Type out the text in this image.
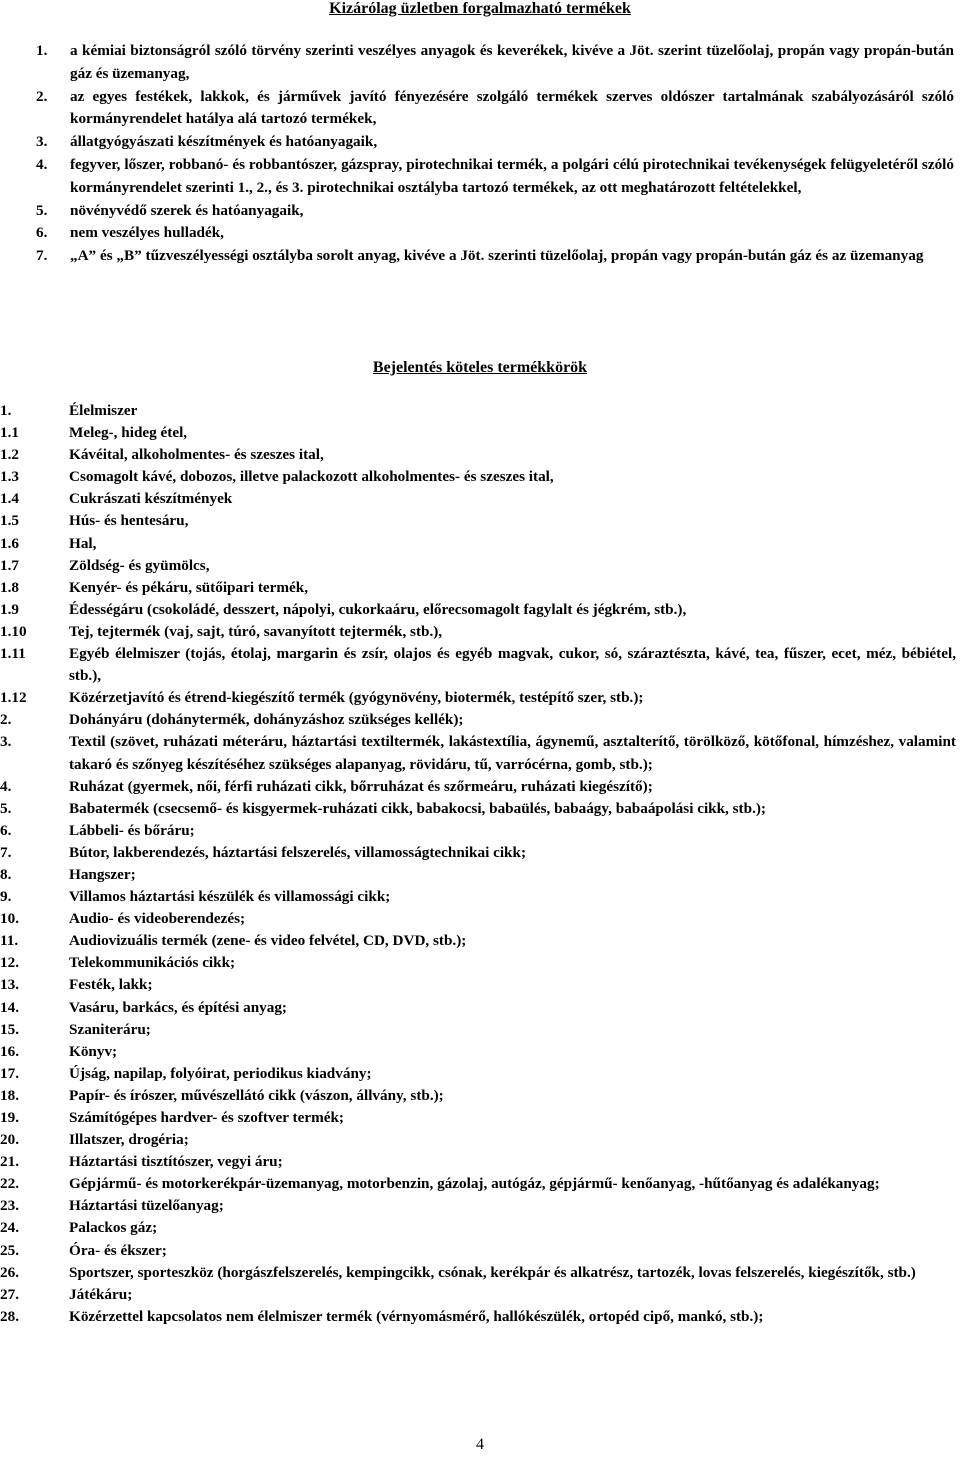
Kizárólag üzletben forgalmazható termékek
1. a kémiai biztonságról szóló törvény szerinti veszélyes anyagok és keverékek, kivéve a Jöt. szerint tüzelőolaj, propán vagy propán-bután gáz és üzemanyag,
2. az egyes festékek, lakkok, és járművek javító fényezésére szolgáló termékek szerves oldószer tartalmának szabályozásáról szóló kormányrendelet hatálya alá tartozó termékek,
3. állatgyógyászati készítmények és hatóanyagaik,
4. fegyver, lőszer, robbanó- és robbantószer, gázspray, pirotechnikai termék, a polgári célú pirotechnikai tevékenységek felügyeletéről szóló kormányrendelet szerinti 1., 2., és 3. pirotechnikai osztályba tartozó termékek, az ott meghatározott feltételekkel,
5. növényvédő szerek és hatóanyagaik,
6. nem veszélyes hulladék,
7. „A” és „B” tűzveszélyességi osztályba sorolt anyag, kivéve a Jöt. szerinti tüzelőolaj, propán vagy propán-bután gáz és az üzemanyag
Bejelentés köteles termékkörök
1.	Élelmiszer
1.1	Meleg-, hideg étel,
1.2	Kávéital, alkoholmentes- és szeszes ital,
1.3	Csomagolt kávé, dobozos, illetve palackozott alkoholmentes- és szeszes ital,
1.4	Cukrászati készítmények
1.5	Hús- és hentesáru,
1.6	Hal,
1.7	Zöldség- és gyümölcs,
1.8	Kenyér- és pékáru, sütőipari termék,
1.9	Édességáru (csokoládé, desszert, nápolyi, cukorkaáru, előrecsomagolt fagylalt és jégkrém, stb.),
1.10	Tej, tejtermék (vaj, sajt, túró, savanyított tejtermék, stb.),
1.11	Egyéb élelmiszer (tojás, étolaj, margarin és zsír, olajos és egyéb magvak, cukor, só, száraztészta, kávé, tea, fűszer, ecet, méz, bébiétel, stb.),
1.12	Közérzetjavító és étrend-kiegészítő termék (gyógynövény, biotermék, testépítő szer, stb.);
2.	Dohányáru (dohánytermék, dohányzáshoz szükséges kellék);
3.	Textil (szövet, ruházati méteráru, háztartási textiltermék, lakástextília, ágynemű, asztalterítő, törölköző, kötőfonal, hímzéshez, valamint takaró és szőnyeg készítéséhez szükséges alapanyag, rövidáru, tű, varrócérna, gomb, stb.);
4.	Ruházat (gyermek, női, férfi ruházati cikk, bőrruházat és szőrmeáru, ruházati kiegészítő);
5.	Babatermék (csecsemő- és kisgyermek-ruházati cikk, babakocsi, babaülés, babaágy, babaápolási cikk, stb.);
6.	Lábbeli- és bőráru;
7.	Bútor, lakberendezés, háztartási felszerelés, villamosságtechnikai cikk;
8.	Hangszer;
9.	Villamos háztartási készülék és villamossági cikk;
10.	Audio- és videoberendezés;
11.	Audiovizuális termék (zene- és video felvétel, CD, DVD, stb.);
12.	Telekommunikációs cikk;
13.	Festék, lakk;
14.	Vasáru, barkács, és építési anyag;
15.	Szaniteráru;
16.	Könyv;
17.	Újság, napilap, folyóirat, periodikus kiadvány;
18.	Papír- és írószer, művészellátó cikk (vászon, állvány, stb.);
19.	Számítógépes hardver- és szoftver termék;
20.	Illatszer, drogéria;
21.	Háztartási tisztítószer, vegyi áru;
22.	Gépjármű- és motorkerékpár-üzemanyag, motorbenzin, gázolaj, autógáz, gépjármű- kenőanyag, -hűtőanyag és adalékanyag;
23.	Háztartási tüzelőanyag;
24.	Palackos gáz;
25.	Óra- és ékszer;
26.	Sportszer, sporteszköz (horgászfelszerelés, kempingcikk, csónak, kerékpár és alkatrész, tartozék, lovas felszerelés, kiegészítők, stb.)
27.	Játékáru;
28.	Közérzettel kapcsolatos nem élelmiszer termék (vérnyomásmérő, hallókészülék, ortopéd cipő, mankó, stb.);
4
